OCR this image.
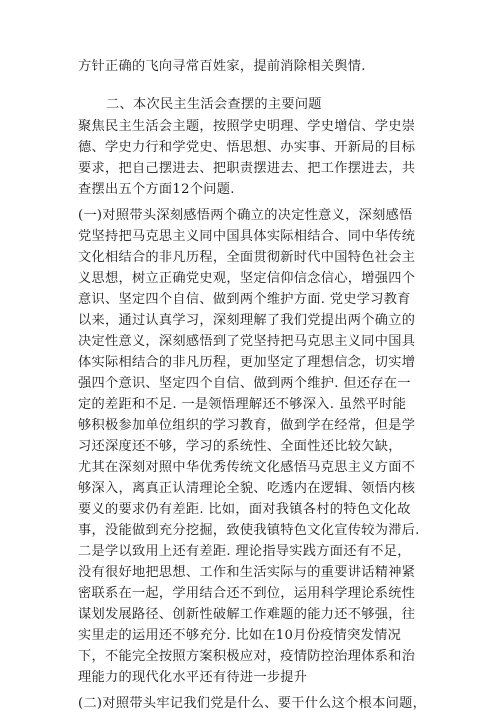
方针正确的飞向寻常百姓家，提前消除相关舆情.
二、本次民主生活会查摆的主要问题
聚焦民主生活会主题，按照学史明理、学史增信、学史崇
德、学史力行和学党史、悟思想、办实事、开新局的目标
要求，把自己摆进去、把职责摆进去、把工作摆进去，共
查摆出五个方面12个问题.
(一)对照带头深刻感悟两个确立的决定性意义，深刻感悟
党坚持把马克思主义同中国具体实际相结合、同中华传统
文化相结合的非凡历程，全面贯彻新时代中国特色社会主
义思想，树立正确党史观，坚定信仰信念信心，增强四个
意识、坚定四个自信、做到两个维护方面. 党史学习教育
以来，通过认真学习，深刻理解了我们党提出两个确立的
决定性意义，深刻感悟到了党坚持把马克思主义同中国具
体实际相结合的非凡历程，更加坚定了理想信念，切实增
强四个意识、坚定四个自信、做到两个维护. 但还存在一
定的差距和不足. 一是领悟理解还不够深入. 虽然平时能
够积极参加单位组织的学习教育，做到学在经常，但是学
习还深度还不够，学习的系统性、全面性还比较欠缺，
尤其在深刻对照中华优秀传统文化感悟马克思主义方面不
够深入，离真正认清理论全貌、吃透内在逻辑、领悟内核
要义的要求仍有差距. 比如，面对我镇各村的特色文化故
事，没能做到充分挖掘，致使我镇特色文化宣传较为滞后.
二是学以致用上还有差距. 理论指导实践方面还有不足，
没有很好地把思想、工作和生活实际与的重要讲话精神紧
密联系在一起，学用结合还不到位，运用科学理论系统性
谋划发展路径、创新性破解工作难题的能力还不够强，往
实里走的运用还不够充分. 比如在10月份疫情突发情况
下，不能完全按照方案积极应对，疫情防控治理体系和治
理能力的现代化水平还有待进一步提升
(二)对照带头牢记我们党是什么、要干什么这个根本问题，
